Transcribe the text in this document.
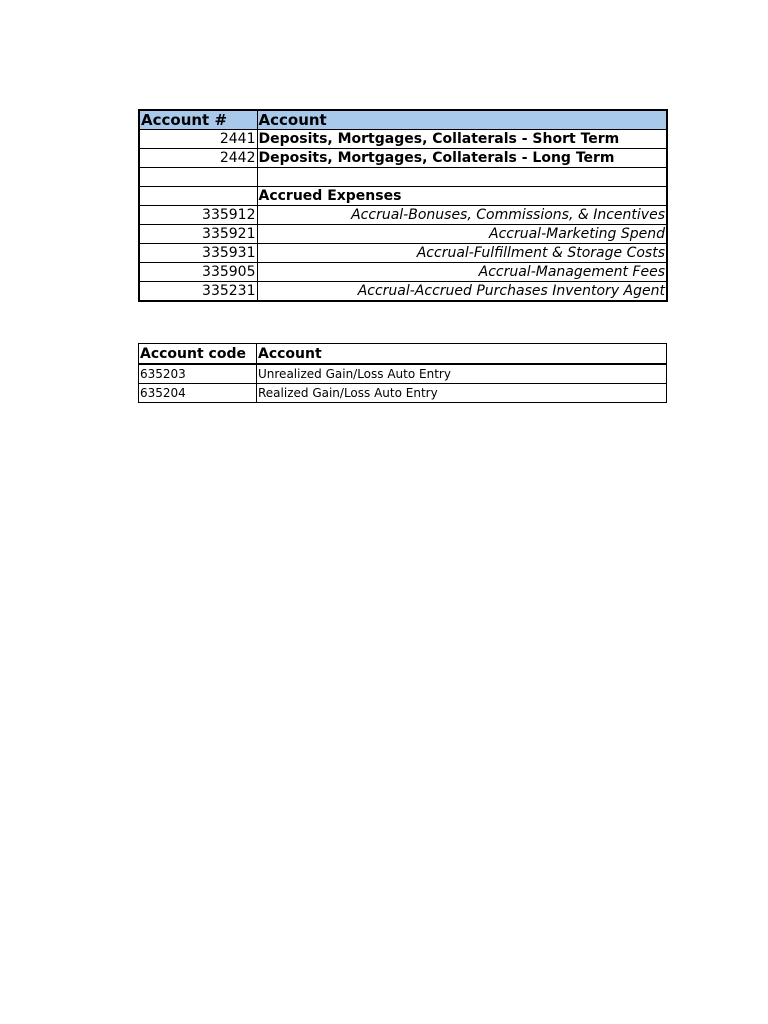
Account #	Account
2441	Deposits, Mortgages, Collaterals - Short Term
2442	Deposits, Mortgages, Collaterals - Long Term

	Accrued Expenses
335912	Accrual-Bonuses, Commissions, & Incentives
335921	Accrual-Marketing Spend
335931	Accrual-Fulfillment & Storage Costs
335905	Accrual-Management Fees
335231	Accrual-Accrued Purchases Inventory Agent
Account code	Account
635203	Unrealized Gain/Loss Auto Entry
635204	Realized Gain/Loss Auto Entry
